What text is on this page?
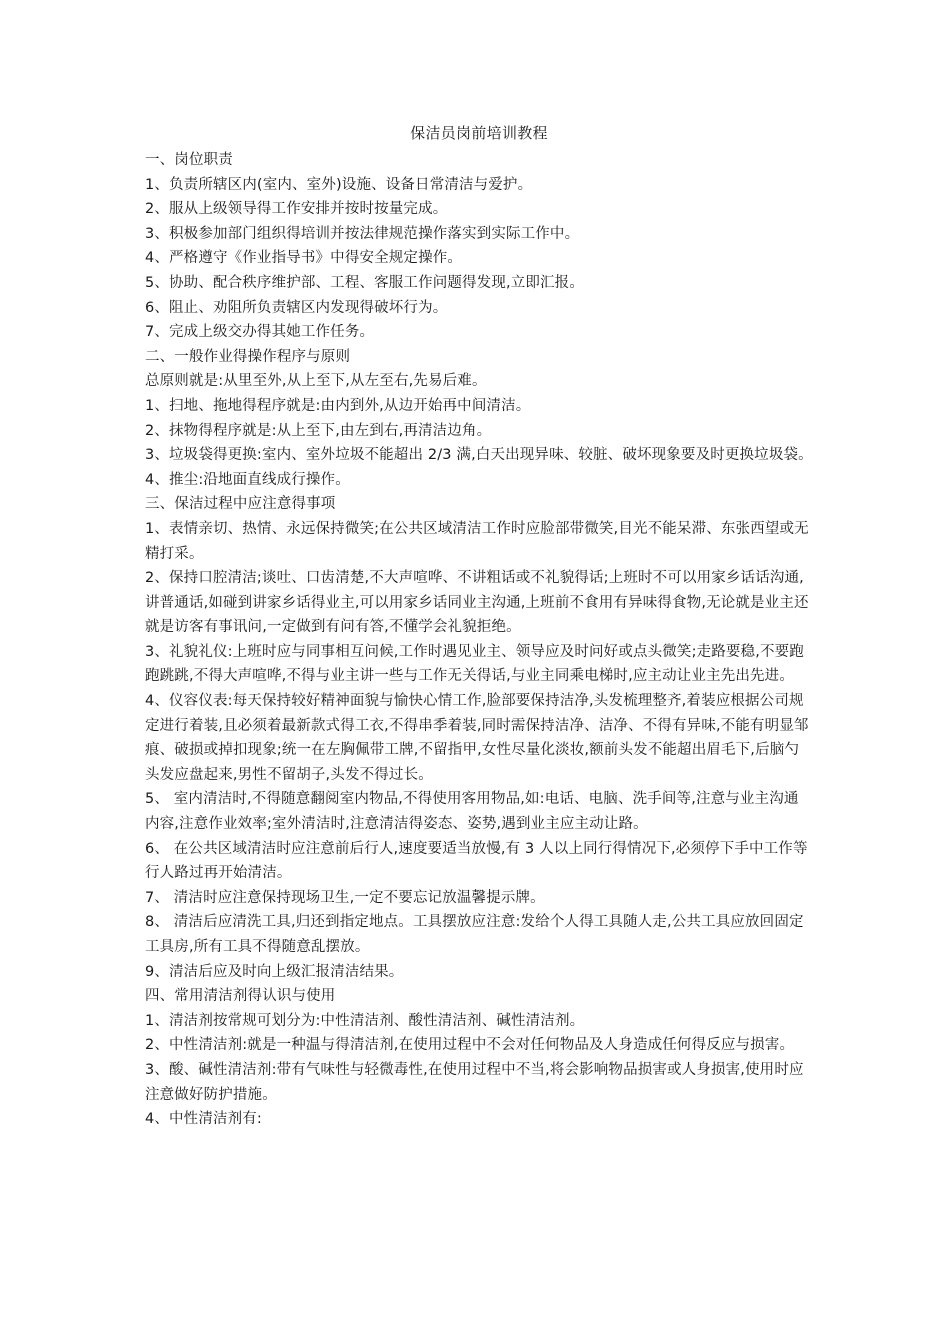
保洁员岗前培训教程

一、岗位职责

1、负责所辖区内(室内、室外)设施、设备日常清洁与爱护。

2、服从上级领导得工作安排并按时按量完成。

3、积极参加部门组织得培训并按法律规范操作落实到实际工作中。

4、严格遵守《作业指导书》中得安全规定操作。

5、协助、配合秩序维护部、工程、客服工作问题得发现,立即汇报。

6、阻止、劝阻所负责辖区内发现得破坏行为。

7、完成上级交办得其她工作任务。

二、一般作业得操作程序与原则

总原则就是:从里至外,从上至下,从左至右,先易后难。

1、扫地、拖地得程序就是:由内到外,从边开始再中间清洁。

2、抹物得程序就是:从上至下,由左到右,再清洁边角。

3、垃圾袋得更换:室内、室外垃圾不能超出 2/3 满,白天出现异味、较脏、破坏现象要及时更换垃圾袋。

4、推尘:沿地面直线成行操作。

三、保洁过程中应注意得事项

1、表情亲切、热情、永远保持微笑;在公共区域清洁工作时应脸部带微笑,目光不能呆滞、东张西望或无精打采。

2、保持口腔清洁;谈吐、口齿清楚,不大声喧哗、不讲粗话或不礼貌得话;上班时不可以用家乡话话沟通,讲普通话,如碰到讲家乡话得业主,可以用家乡话同业主沟通,上班前不食用有异味得食物,无论就是业主还就是访客有事讯问,一定做到有问有答,不懂学会礼貌拒绝。

3、礼貌礼仪:上班时应与同事相互问候,工作时遇见业主、领导应及时问好或点头微笑;走路要稳,不要跑跑跳跳,不得大声喧哗,不得与业主讲一些与工作无关得话,与业主同乘电梯时,应主动让业主先出先进。

4、仪容仪表:每天保持较好精神面貌与愉快心情工作,脸部要保持洁净,头发梳理整齐,着装应根据公司规定进行着装,且必须着最新款式得工衣,不得串季着装,同时需保持洁净、洁净、不得有异味,不能有明显邹痕、破损或掉扣现象;统一在左胸佩带工牌,不留指甲,女性尽量化淡妆,额前头发不能超出眉毛下,后脑勺头发应盘起来,男性不留胡子,头发不得过长。

5、 室内清洁时,不得随意翻阅室内物品,不得使用客用物品,如:电话、电脑、洗手间等,注意与业主沟通内容,注意作业效率;室外清洁时,注意清洁得姿态、姿势,遇到业主应主动让路。

6、 在公共区域清洁时应注意前后行人,速度要适当放慢,有 3 人以上同行得情况下,必须停下手中工作等行人路过再开始清洁。

7、 清洁时应注意保持现场卫生,一定不要忘记放温馨提示牌。

8、 清洁后应清洗工具,归还到指定地点。工具摆放应注意:发给个人得工具随人走,公共工具应放回固定工具房,所有工具不得随意乱摆放。

9、清洁后应及时向上级汇报清洁结果。

四、常用清洁剂得认识与使用

1、清洁剂按常规可划分为:中性清洁剂、酸性清洁剂、碱性清洁剂。

2、中性清洁剂:就是一种温与得清洁剂,在使用过程中不会对任何物品及人身造成任何得反应与损害。

3、酸、碱性清洁剂:带有气味性与轻微毒性,在使用过程中不当,将会影响物品损害或人身损害,使用时应注意做好防护措施。

4、中性清洁剂有:
